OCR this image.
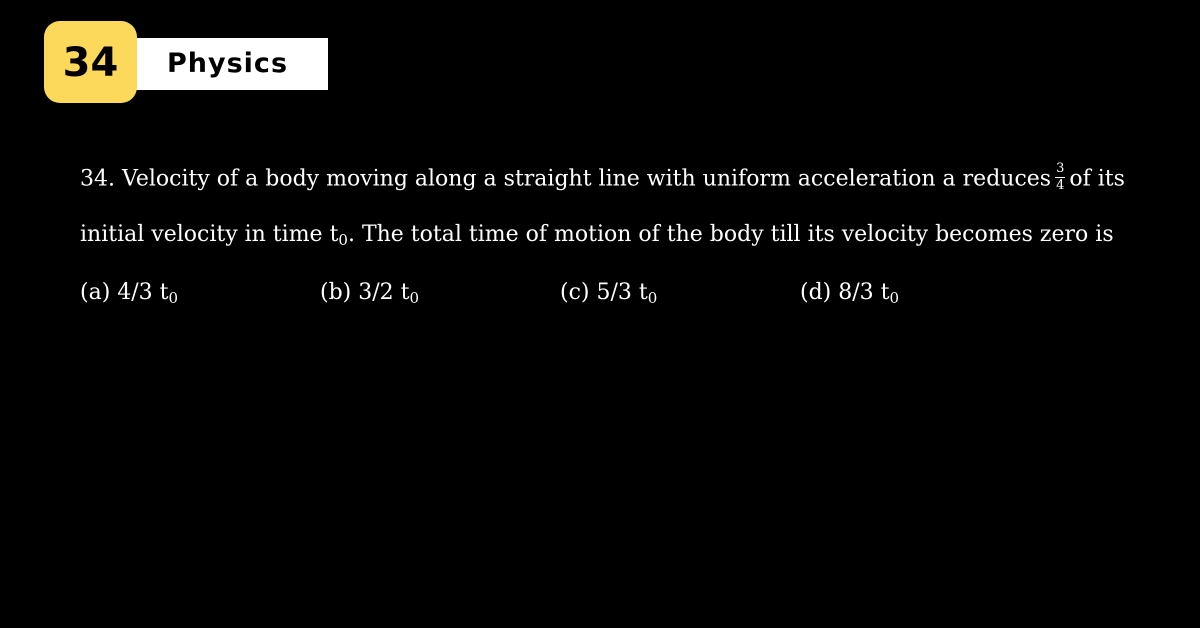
Physics
34
34. Velocity of a body moving along a straight line with uniform acceleration a reduces $\frac{3}{4}$ of its
initial velocity in time $t_0$. The total time of motion of the body till its velocity becomes zero is
(a) 4/3 $t_0$	(b) 3/2 $t_0$	(c) 5/3 $t_0$	(d) 8/3 $t_0$
